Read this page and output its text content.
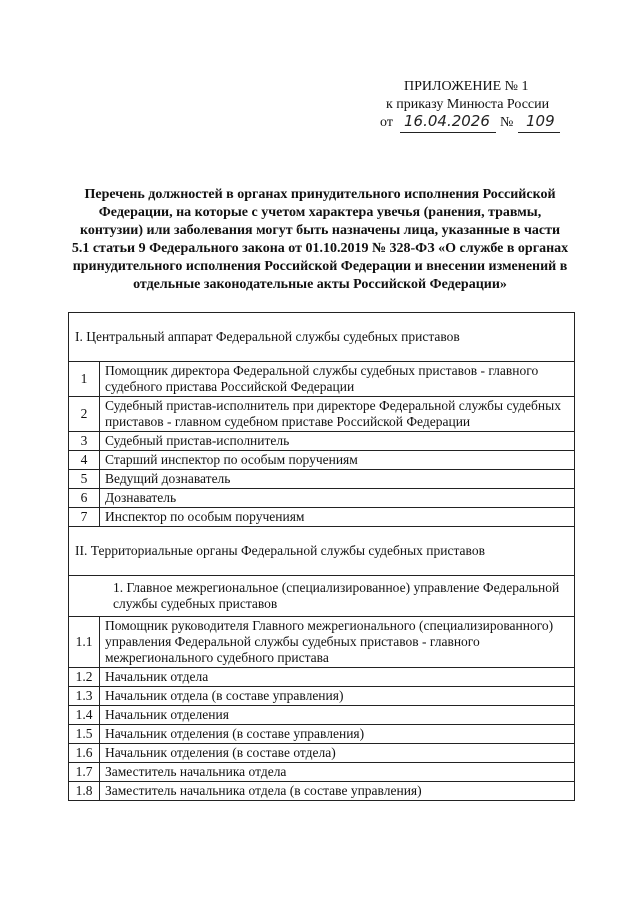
ПРИЛОЖЕНИЕ № 1
к приказу Минюста России
от 16.04.2026 № 109
Перечень должностей в органах принудительного исполнения Российской Федерации, на которые с учетом характера увечья (ранения, травмы, контузии) или заболевания могут быть назначены лица, указанные в части 5.1 статьи 9 Федерального закона от 01.10.2019 № 328-ФЗ «О службе в органах принудительного исполнения Российской Федерации и внесении изменений в отдельные законодательные акты Российской Федерации»
I. Центральный аппарат Федеральной службы судебных приставов	
1	Помощник директора Федеральной службы судебных приставов - главного судебного пристава Российской Федерации
2	Судебный пристав-исполнитель при директоре Федеральной службы судебных приставов - главном судебном приставе Российской Федерации
3	Судебный пристав-исполнитель
4	Старший инспектор по особым поручениям
5	Ведущий дознаватель
6	Дознаватель
7	Инспектор по особым поручениям
II. Территориальные органы Федеральной службы судебных приставов	
1. Главное межрегиональное (специализированное) управление Федеральной службы судебных приставов	
1.1	Помощник руководителя Главного межрегионального (специализированного) управления Федеральной службы судебных приставов - главного межрегионального судебного пристава
1.2	Начальник отдела
1.3	Начальник отдела (в составе управления)
1.4	Начальник отделения
1.5	Начальник отделения (в составе управления)
1.6	Начальник отделения (в составе отдела)
1.7	Заместитель начальника отдела
1.8	Заместитель начальника отдела (в составе управления)
